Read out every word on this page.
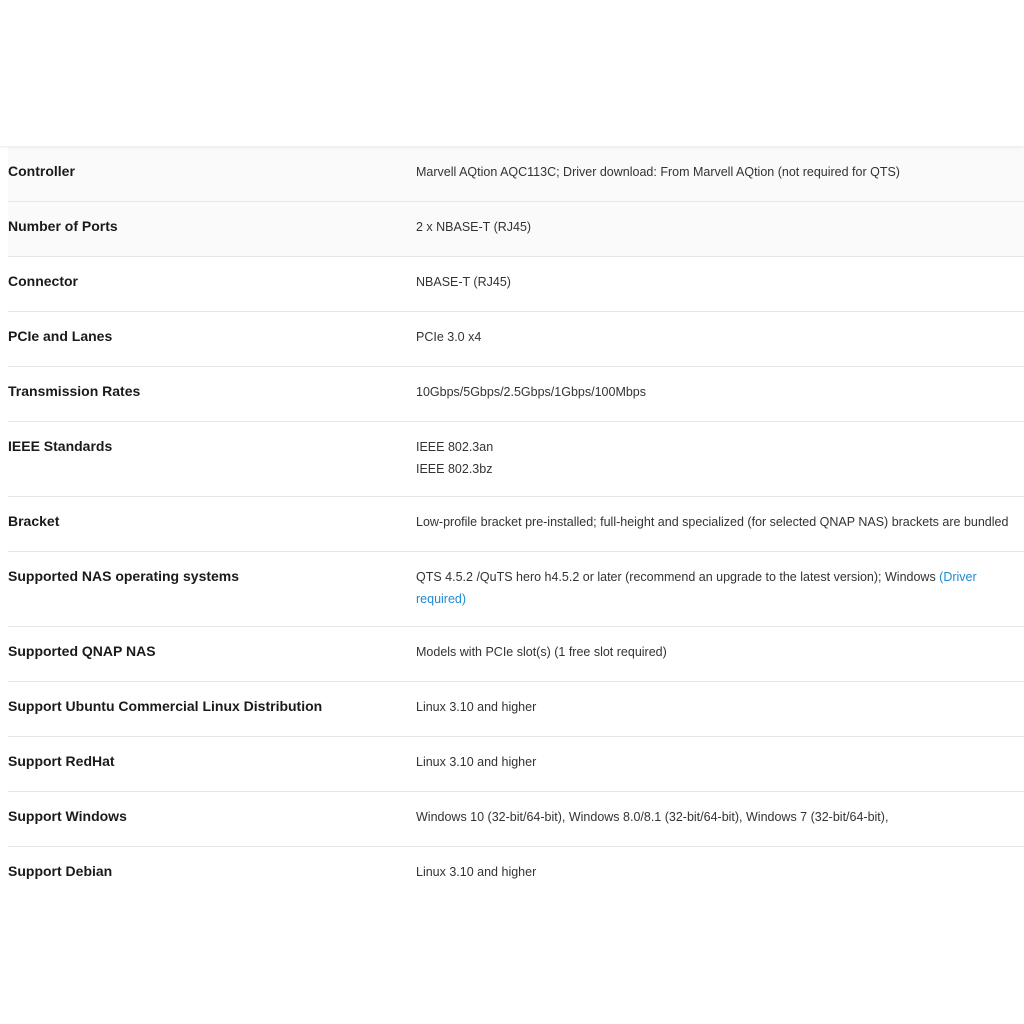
Controller	Marvell AQtion AQC113C; Driver download: From Marvell AQtion (not required for QTS)
Number of Ports	2 x NBASE-T (RJ45)
Connector	NBASE-T (RJ45)
PCIe and Lanes	PCIe 3.0 x4
Transmission Rates	10Gbps/5Gbps/2.5Gbps/1Gbps/100Mbps
IEEE Standards	IEEE 802.3an
IEEE 802.3bz
Bracket	Low-profile bracket pre-installed; full-height and specialized (for selected QNAP NAS) brackets are bundled
Supported NAS operating systems	QTS 4.5.2 /QuTS hero h4.5.2 or later (recommend an upgrade to the latest version); Windows (Driver required)
Supported QNAP NAS	Models with PCIe slot(s) (1 free slot required)
Support Ubuntu Commercial Linux Distribution	Linux 3.10 and higher
Support RedHat	Linux 3.10 and higher
Support Windows	Windows 10 (32-bit/64-bit), Windows 8.0/8.1 (32-bit/64-bit), Windows 7 (32-bit/64-bit),
Support Debian	Linux 3.10 and higher
